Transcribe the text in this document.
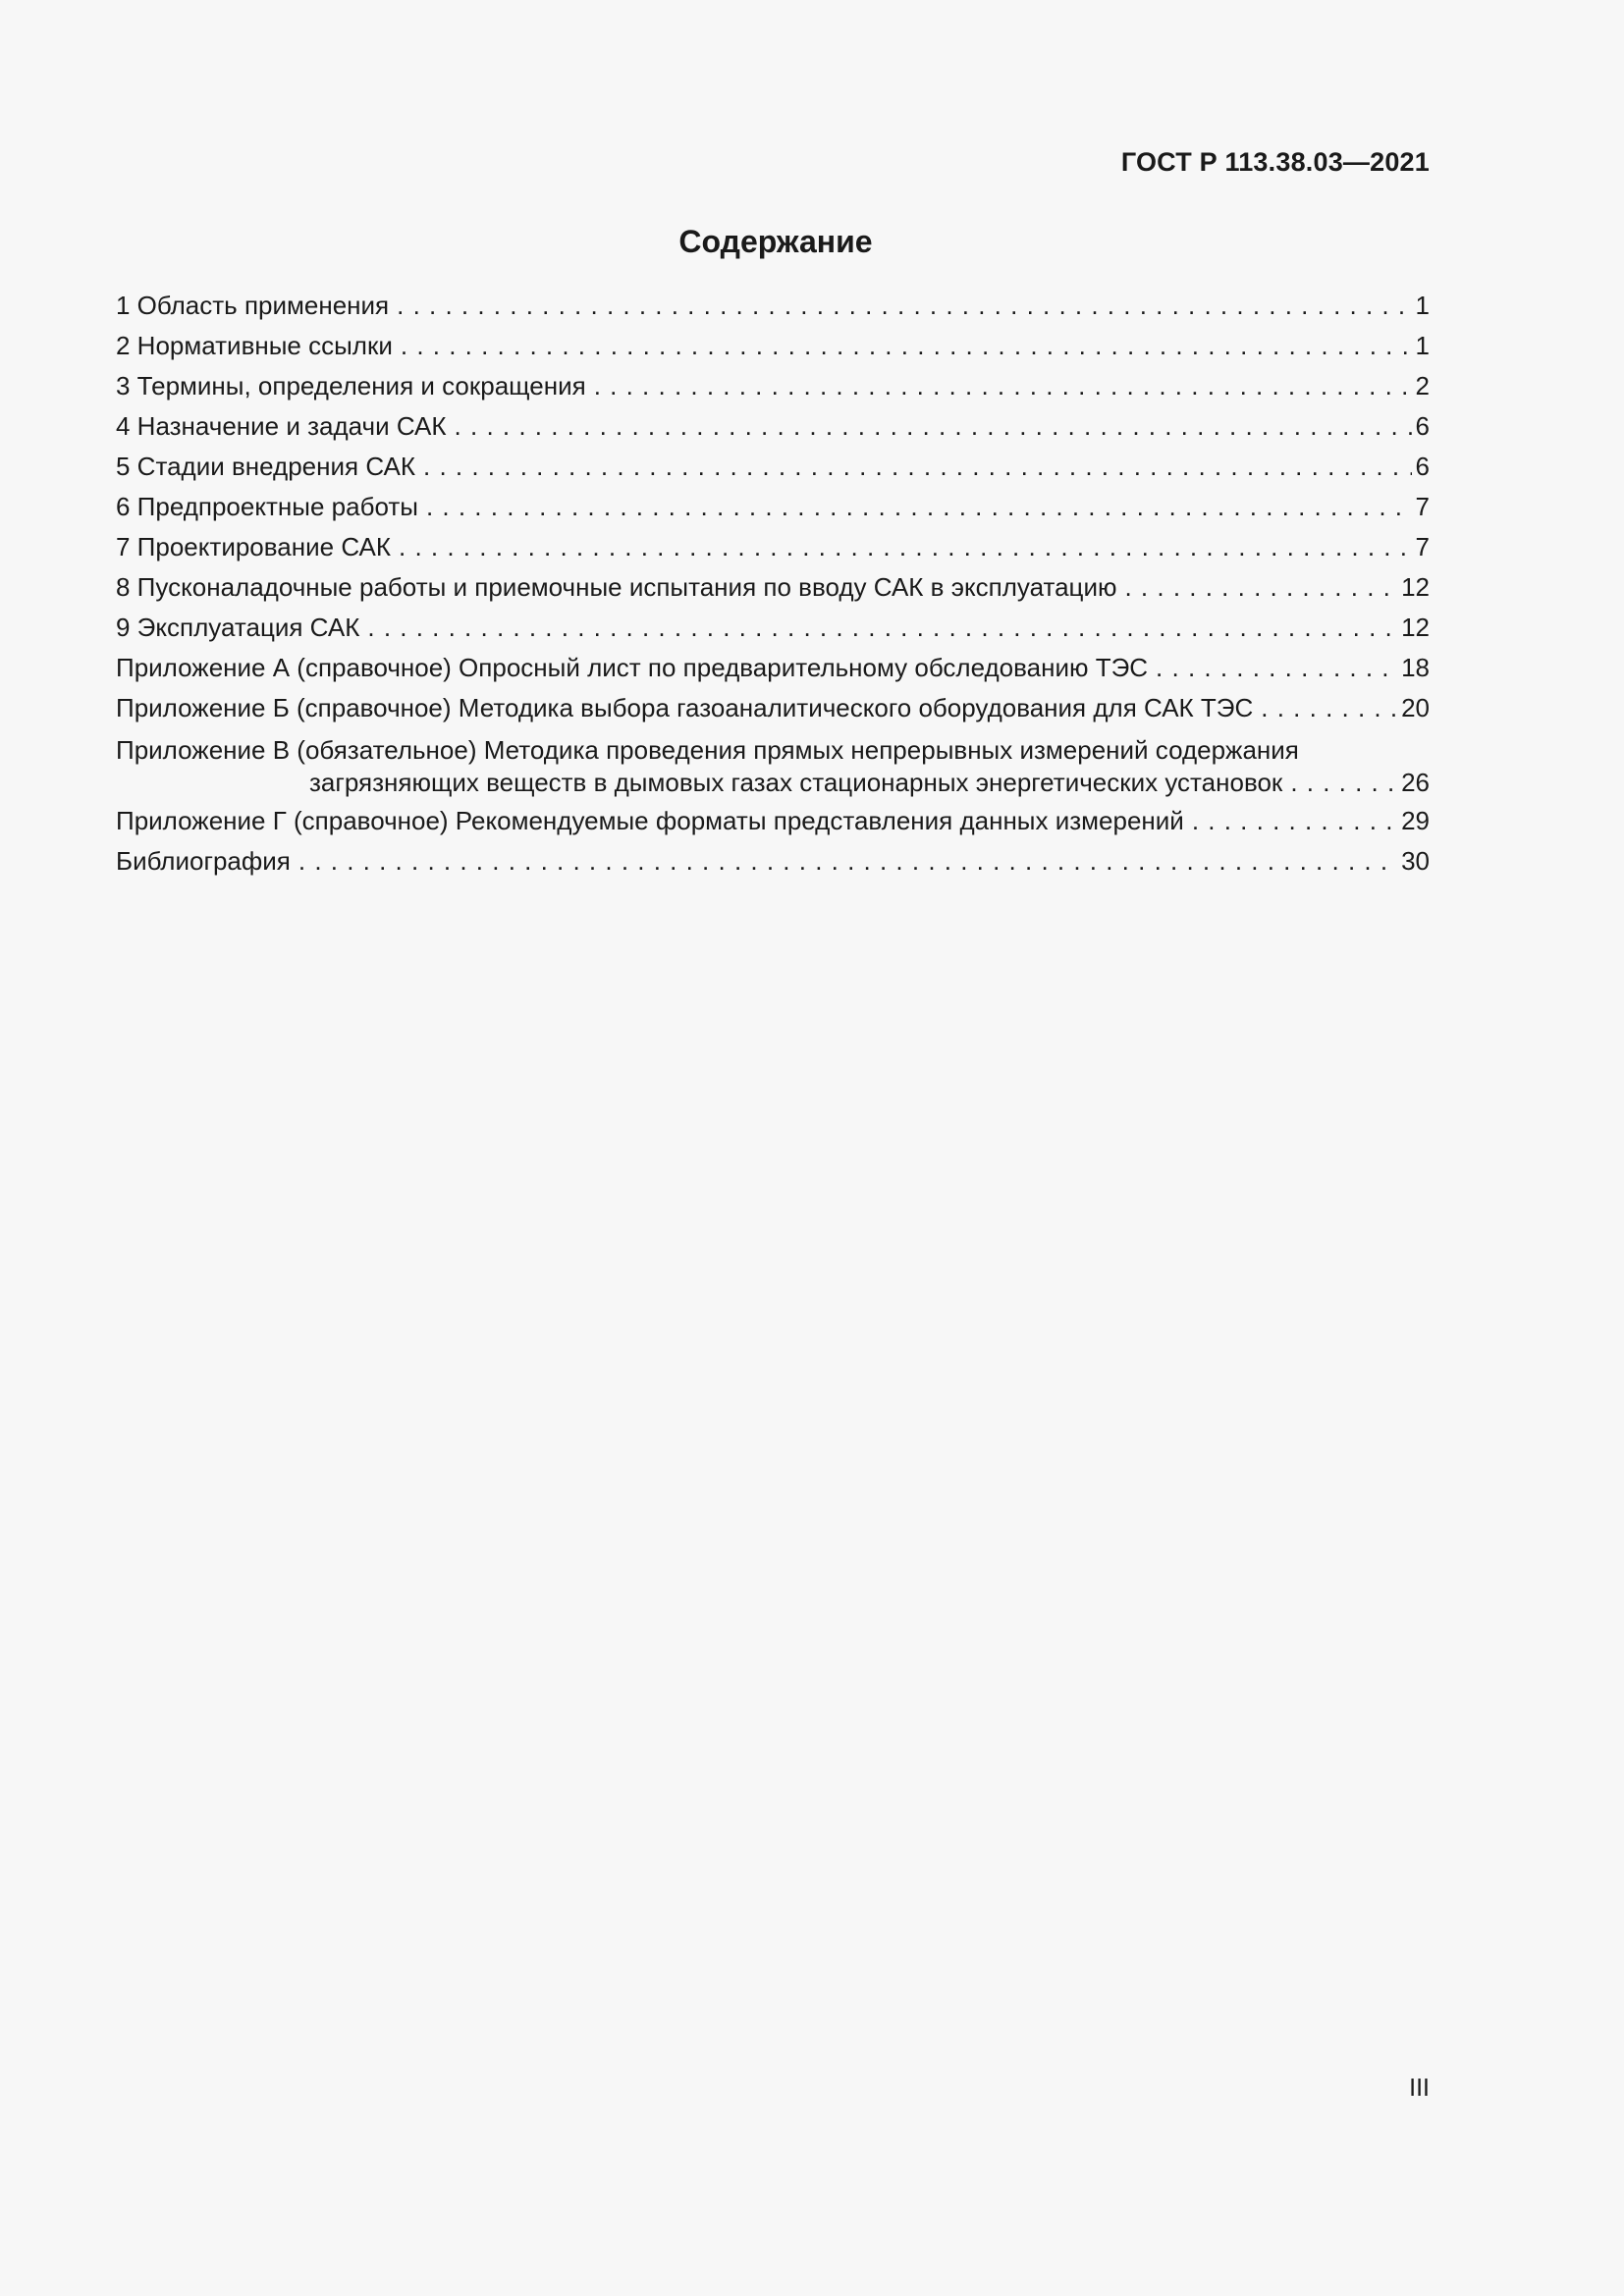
ГОСТ Р 113.38.03—2021
Содержание
1 Область применения . . .	1
2 Нормативные ссылки . . .	1
3 Термины, определения и сокращения . . .	2
4 Назначение и задачи САК . . .	6
5 Стадии внедрения САК . . .	6
6 Предпроектные работы . . .	7
7 Проектирование САК . . .	7
8 Пусконаладочные работы и приемочные испытания по вводу САК в эксплуатацию . . .	12
9 Эксплуатация САК . . .	12
Приложение А (справочное) Опросный лист по предварительному обследованию ТЭС . . .	18
Приложение Б (справочное) Методика выбора газоаналитического оборудования для САК ТЭС . . .	20
Приложение В (обязательное) Методика проведения прямых непрерывных измерений содержания
загрязняющих веществ в дымовых газах стационарных энергетических установок . . .	26
Приложение Г (справочное) Рекомендуемые форматы представления данных измерений . . .	29
Библиография . . .	30
III
